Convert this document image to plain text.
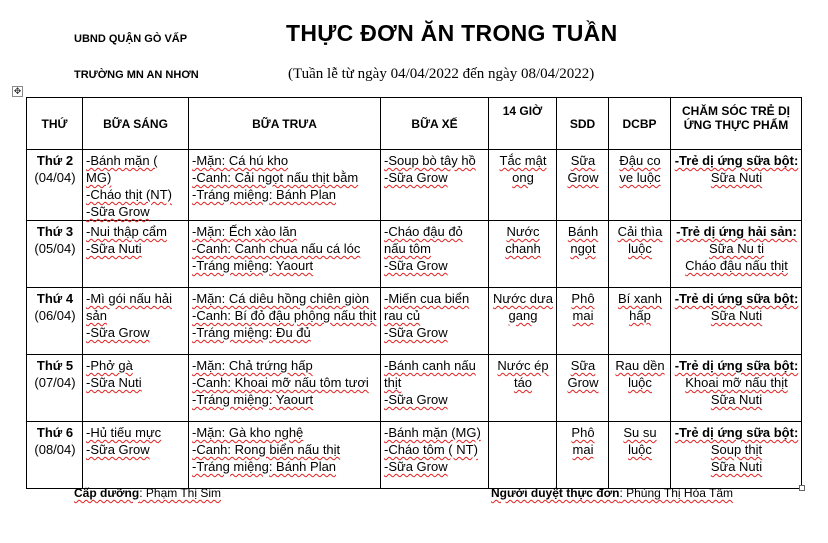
UBND QUẬN GÒ VẤP
TRƯỜNG MN AN NHƠN
THỰC ĐƠN ĂN TRONG TUẦN
(Tuần lễ từ ngày 04/04/2022 đến ngày 08/04/2022)
✥
THỨ	BỮA SÁNG	BỮA TRƯA	BỮA XẾ	14 GIỜ	SDD	DCBP	CHĂM SÓC TRẺ DỊ ỨNG THỰC PHẨM

Thứ 2
(04/04)	-Bánh mặn ( MG)
-Cháo thịt (NT)
-Sữa Grow	-Mặn: Cá hú kho
-Canh: Cải ngọt nấu thịt bằm
-Tráng miệng: Bánh Plan	-Soup bò tây hồ
-Sữa Grow	Tắc mật ong	Sữa Grow	Đậu co ve luộc	-Trẻ dị ứng sữa bột:
Sữa Nuti

Thứ 3
(05/04)	-Nui thập cẩm
-Sữa Nuti	-Mặn: Ếch xào lăn
-Canh: Canh chua nấu cá lóc
-Tráng miệng: Yaourt	-Cháo đậu đỏ nấu tôm
-Sữa Grow	Nước chanh	Bánh ngọt	Cải thìa luộc	-Trẻ dị ứng hải sản:
Sữa Nu ti
Cháo đậu nấu thịt

Thứ 4
(06/04)	-Mì gói nấu hải sản
-Sữa Grow	-Mặn: Cá diêu hồng chiên giòn
-Canh: Bí đỏ đậu phộng nấu thịt
-Tráng miệng: Đu đủ	-Miến cua biển rau củ
-Sữa Grow	Nước dưa gang	Phô mai	Bí xanh hấp	-Trẻ dị ứng sữa bột:
Sữa Nuti

Thứ 5
(07/04)	-Phở gà
-Sữa Nuti	-Mặn: Chả trứng hấp
-Canh: Khoai mỡ nấu tôm tươi
-Tráng miệng: Yaourt	-Bánh canh nấu thịt
-Sữa Grow	Nước ép táo	Sữa Grow	Rau dền luộc	-Trẻ dị ứng sữa bột:
Khoai mỡ nấu thịt
Sữa Nuti

Thứ 6
(08/04)	-Hủ tiếu mực
-Sữa Grow	-Mặn: Gà kho nghệ
-Canh: Rong biển nấu thịt
-Tráng miệng: Bánh Plan	-Bánh mặn (MG)
-Cháo tôm ( NT)
-Sữa Grow		Phô mai	Su su luộc	-Trẻ dị ứng sữa bột:
Soup thịt
Sữa Nuti
Cấp dưỡng: Phạm Thị Sim	Người duyệt thực đơn: Phùng Thị Hòa Tâm
